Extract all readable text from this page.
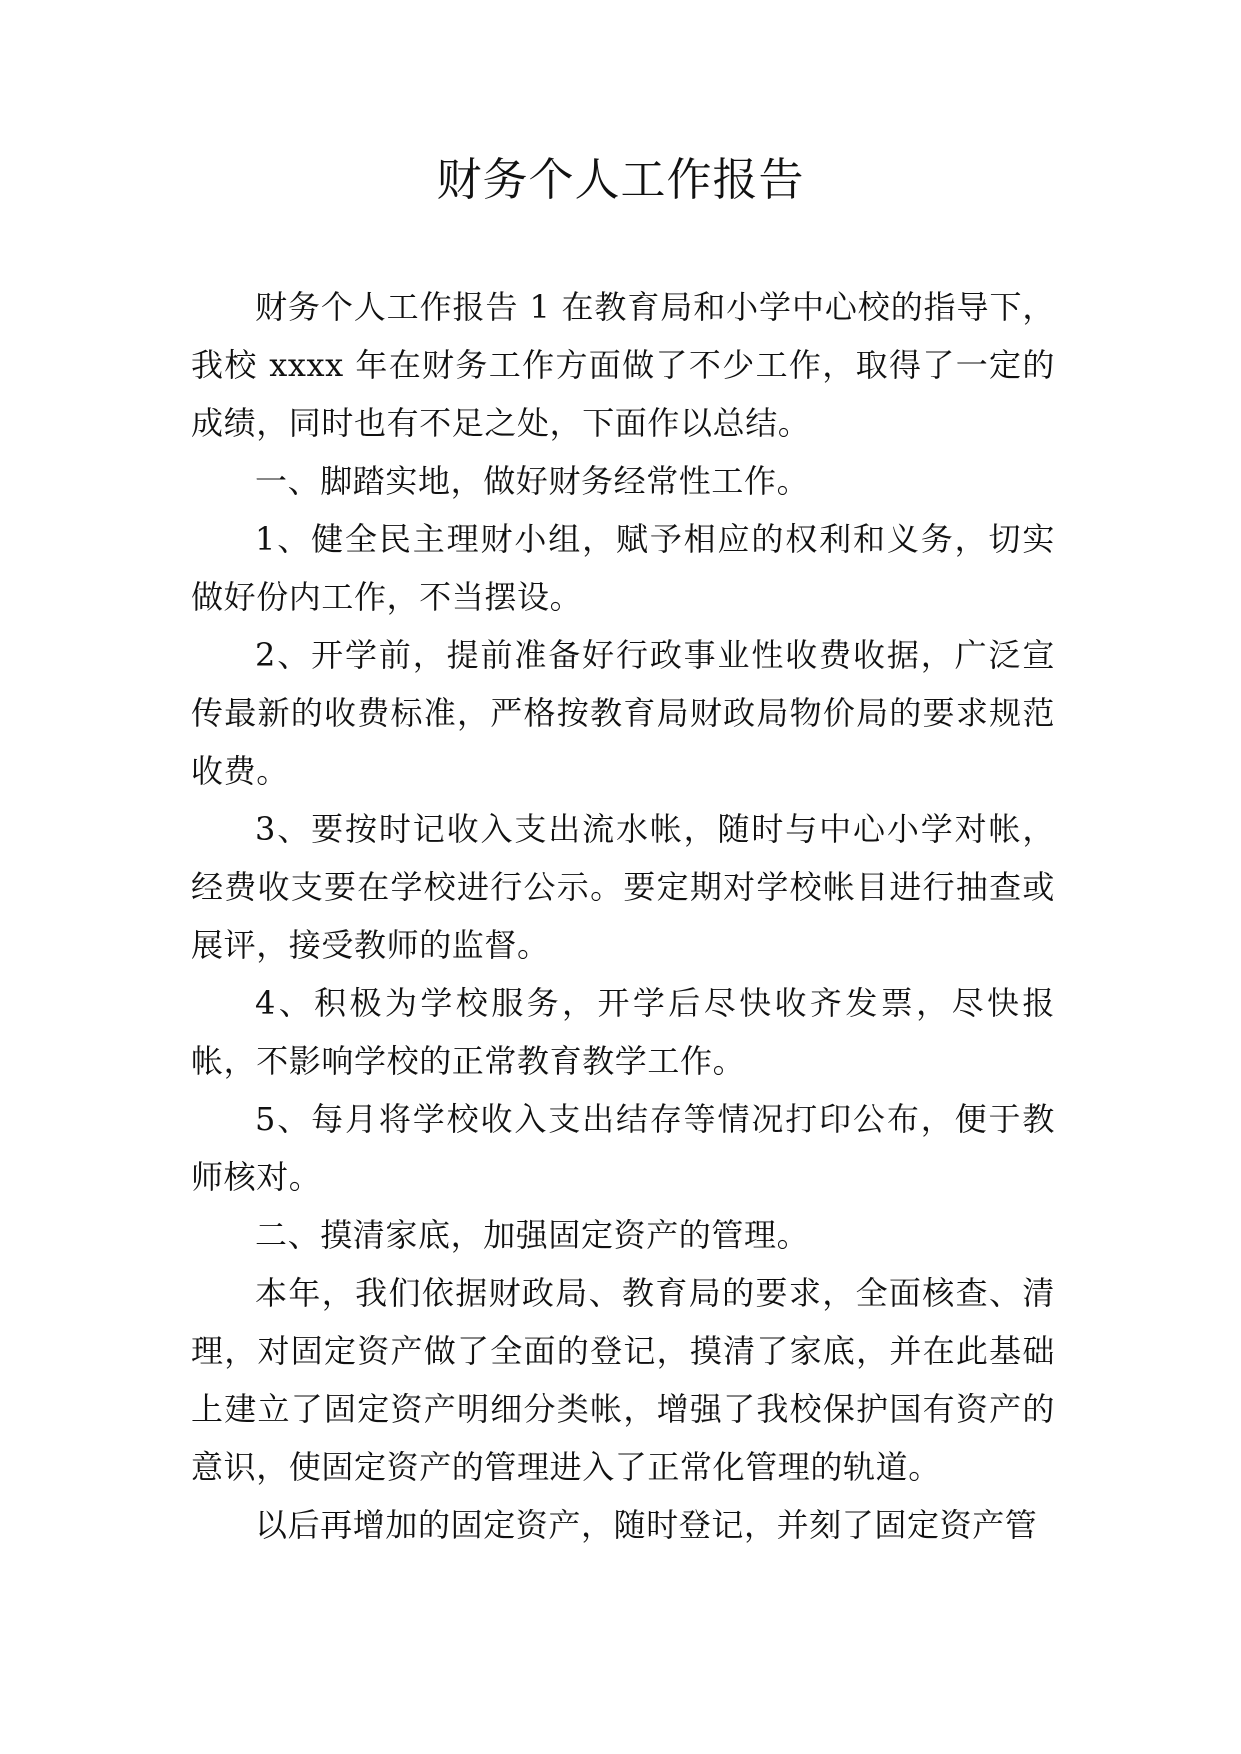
财务个人工作报告

财务个人工作报告 1 在教育局和小学中心校的指导下，我校 xxxx 年在财务工作方面做了不少工作，取得了一定的成绩，同时也有不足之处，下面作以总结。

一、脚踏实地，做好财务经常性工作。

1、健全民主理财小组，赋予相应的权利和义务，切实做好份内工作，不当摆设。

2、开学前，提前准备好行政事业性收费收据，广泛宣传最新的收费标准，严格按教育局财政局物价局的要求规范收费。

3、要按时记收入支出流水帐，随时与中心小学对帐，经费收支要在学校进行公示。要定期对学校帐目进行抽查或展评，接受教师的监督。

4、积极为学校服务，开学后尽快收齐发票，尽快报帐，不影响学校的正常教育教学工作。

5、每月将学校收入支出结存等情况打印公布，便于教师核对。

二、摸清家底，加强固定资产的管理。

本年，我们依据财政局、教育局的要求，全面核查、清理，对固定资产做了全面的登记，摸清了家底，并在此基础上建立了固定资产明细分类帐，增强了我校保护国有资产的意识，使固定资产的管理进入了正常化管理的轨道。

以后再增加的固定资产，随时登记，并刻了固定资产管
